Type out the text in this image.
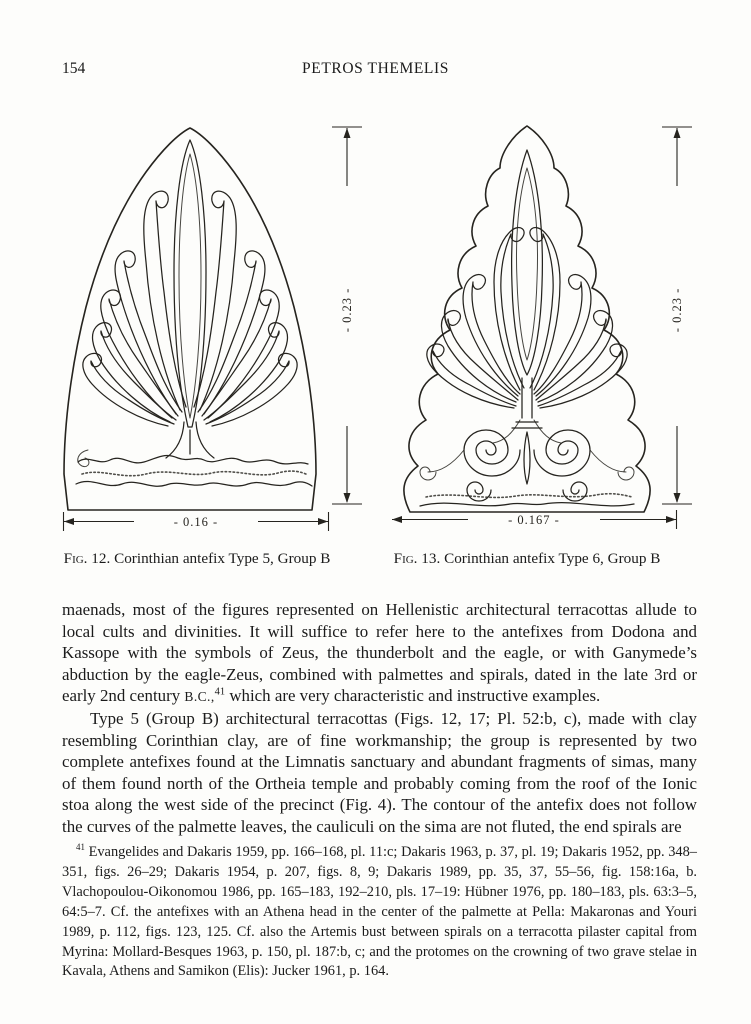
154	PETROS THEMELIS
- 0.23 -
- 0.16 -
- 0.23 -
- 0.167 -
Fig. 12. Corinthian antefix Type 5, Group B	Fig. 13. Corinthian antefix Type 6, Group B

maenads, most of the figures represented on Hellenistic architectural terracottas allude to local cults and divinities. It will suffice to refer here to the antefixes from Dodona and Kassope with the symbols of Zeus, the thunderbolt and the eagle, or with Ganymede’s abduction by the eagle-Zeus, combined with palmettes and spirals, dated in the late 3rd or early 2nd century B.C.,$^{41}$ which are very characteristic and instructive examples.

Type 5 (Group B) architectural terracottas (Figs. 12, 17; Pl. 52:b, c), made with clay resembling Corinthian clay, are of fine workmanship; the group is represented by two complete antefixes found at the Limnatis sanctuary and abundant fragments of simas, many of them found north of the Ortheia temple and probably coming from the roof of the Ionic stoa along the west side of the precinct (Fig. 4). The contour of the antefix does not follow the curves of the palmette leaves, the cauliculi on the sima are not fluted, the end spirals are

$^{41}$ Evangelides and Dakaris 1959, pp. 166–168, pl. 11:c; Dakaris 1963, p. 37, pl. 19; Dakaris 1952, pp. 348–351, figs. 26–29; Dakaris 1954, p. 207, figs. 8, 9; Dakaris 1989, pp. 35, 37, 55–56, fig. 158:16a, b. Vlachopoulou-Oikonomou 1986, pp. 165–183, 192–210, pls. 17–19: Hübner 1976, pp. 180–183, pls. 63:3–5, 64:5–7. Cf. the antefixes with an Athena head in the center of the palmette at Pella: Makaronas and Youri 1989, p. 112, figs. 123, 125. Cf. also the Artemis bust between spirals on a terracotta pilaster capital from Myrina: Mollard-Besques 1963, p. 150, pl. 187:b, c; and the protomes on the crowning of two grave stelae in Kavala, Athens and Samikon (Elis): Jucker 1961, p. 164.
